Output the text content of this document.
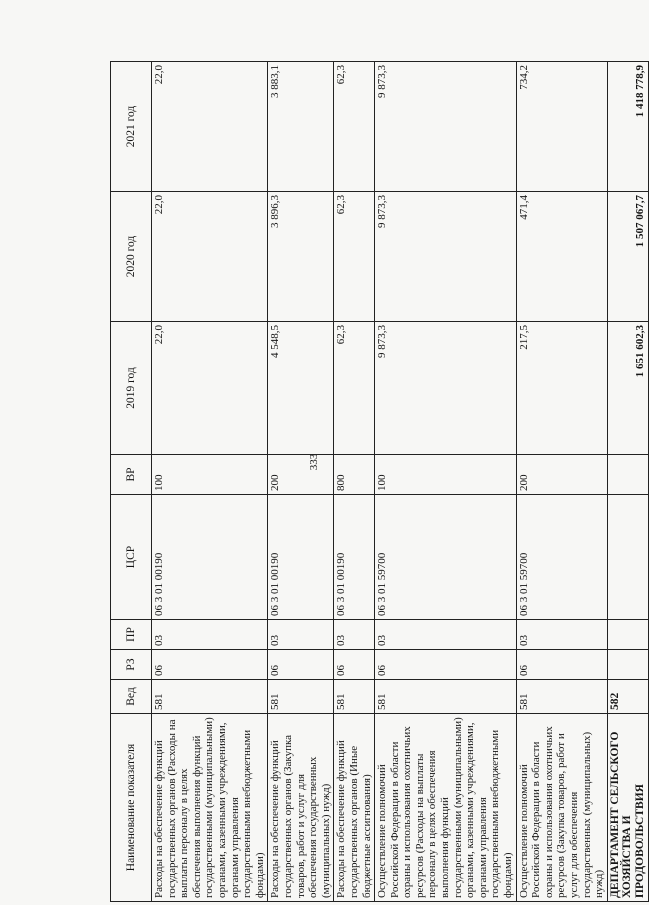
333
Наименование показателя	Вед	РЗ	ПР	ЦСР	ВР	2019 год	2020 год	2021 год
Расходы на обеспечение функций государственных органов (Расходы на выплаты персоналу в целях обеспечения выполнения функций государственными (муниципальными) органами, казенными учреждениями, органами управления государственными внебюджетными фондами)	581	06	03	06 3 01 00190	100	22,0	22,0	22,0
Расходы на обеспечение функций государственных органов (Закупка товаров, работ и услуг для обеспечения государственных (муниципальных) нужд)	581	06	03	06 3 01 00190	200	4 548,5	3 896,3	3 883,1
Расходы на обеспечение функций государственных органов (Иные бюджетные ассигнования)	581	06	03	06 3 01 00190	800	62,3	62,3	62,3
Осуществление полномочий Российской Федерации в области охраны и использования охотничьих ресурсов (Расходы на выплаты персоналу в целях обеспечения выполнения функций государственными (муниципальными) органами, казенными учреждениями, органами управления государственными внебюджетными фондами)	581	06	03	06 3 01 59700	100	9 873,3	9 873,3	9 873,3
Осуществление полномочий Российской Федерации в области охраны и использования охотничьих ресурсов (Закупка товаров, работ и услуг для обеспечения государственных (муниципальных) нужд)	581	06	03	06 3 01 59700	200	217,5	471,4	734,2
ДЕПАРТАМЕНТ СЕЛЬСКОГО ХОЗЯЙСТВА И ПРОДОВОЛЬСТВИЯ	582					1 651 602,3	1 507 067,7	1 418 778,9
